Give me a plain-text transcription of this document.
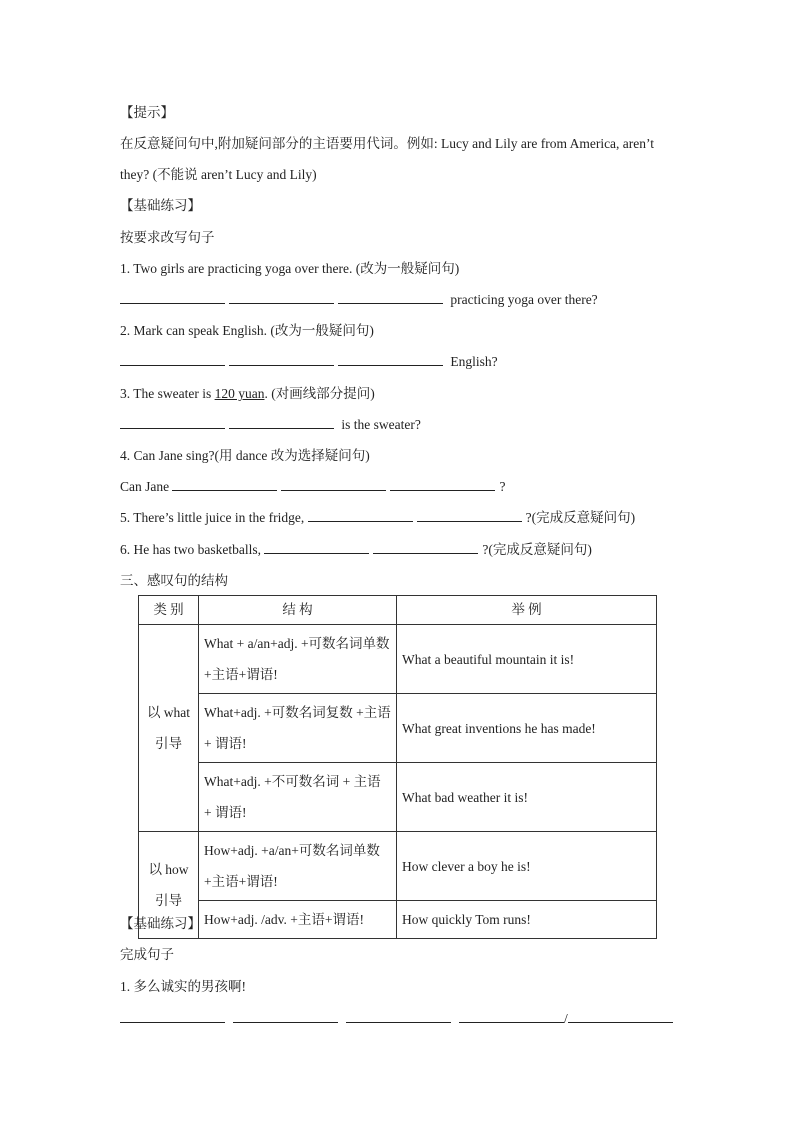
【提示】
在反意疑问句中,附加疑问部分的主语要用代词。例如: Lucy and Lily are from America, aren’t
they? (不能说 aren’t Lucy and Lily)
【基础练习】
按要求改写句子
1. Two girls are practicing yoga over there. (改为一般疑问句)
practicing yoga over there?
2. Mark can speak English. (改为一般疑问句)
English?
3. The sweater is 120 yuan. (对画线部分提问)
is the sweater?
4. Can Jane sing?(用 dance 改为选择疑问句)
Can Jane	?
5. There’s little juice in the fridge,	?(完成反意疑问句)
6. He has two basketballs,	?(完成反意疑问句)
三、感叹句的结构
类 别	结 构	举 例
以 what 引导	What + a/an+adj. +可数名词单数+主语+谓语!	What a beautiful mountain it is!
	What+adj. +可数名词复数 +主语 + 谓语!	What great inventions he has made!
	What+adj. +不可数名词 + 主语 + 谓语!	What bad weather it is!
以 how 引导	How+adj. +a/an+可数名词单数+主语+谓语!	How clever a boy he is!
	How+adj. /adv. +主语+谓语!	How quickly Tom runs!
【基础练习】
完成句子
1. 多么诚实的男孩啊!
/
